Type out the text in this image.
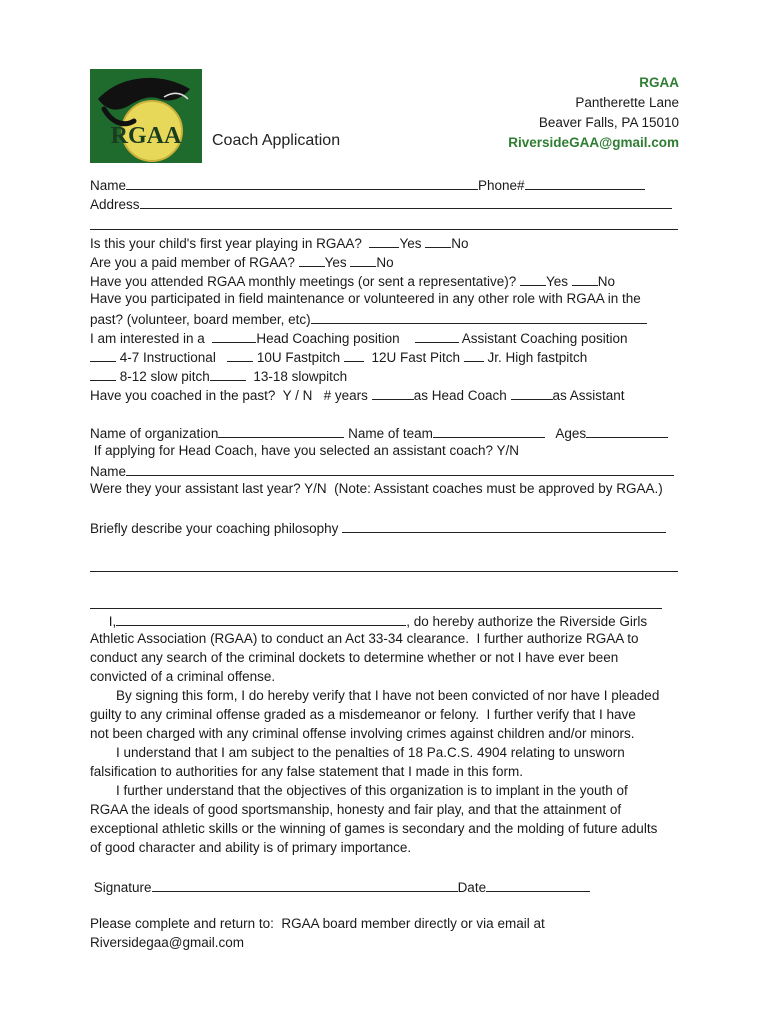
RGAA Coach Application
RGAA
Pantherette Lane
Beaver Falls, PA 15010
RiversideGAA@gmail.com
Name	Phone#
Address
Is this your child's first year playing in RGAA?	Yes No
Are you a paid member of RGAA? Yes No
Have you attended RGAA monthly meetings (or sent a representative)? Yes No
Have you participated in field maintenance or volunteered in any other role with RGAA in the
past? (volunteer, board member, etc)
I am interested in a	Head Coaching position	Assistant Coaching position
4-7 Instructional	10U Fastpitch 12U Fast Pitch Jr. High fastpitch
8-12 slow pitch	13-18 slowpitch
Have you coached in the past?  Y / N   # years	as Head Coach	as Assistant
Name of organization	Name of team	Ages
If applying for Head Coach, have you selected an assistant coach? Y/N
Name
Were they your assistant last year? Y/N  (Note: Assistant coaches must be approved by RGAA.)
Briefly describe your coaching philosophy
I,	, do hereby authorize the Riverside Girls
Athletic Association (RGAA) to conduct an Act 33-34 clearance.  I further authorize RGAA to
conduct any search of the criminal dockets to determine whether or not I have ever been
convicted of a criminal offense.
By signing this form, I do hereby verify that I have not been convicted of nor have I pleaded
guilty to any criminal offense graded as a misdemeanor or felony.  I further verify that I have
not been charged with any criminal offense involving crimes against children and/or minors.
I understand that I am subject to the penalties of 18 Pa.C.S. 4904 relating to unsworn
falsification to authorities for any false statement that I made in this form.
I further understand that the objectives of this organization is to implant in the youth of
RGAA the ideals of good sportsmanship, honesty and fair play, and that the attainment of
exceptional athletic skills or the winning of games is secondary and the molding of future adults
of good character and ability is of primary importance.
Signature	Date
Please complete and return to:  RGAA board member directly or via email at
Riversidegaa@gmail.com
